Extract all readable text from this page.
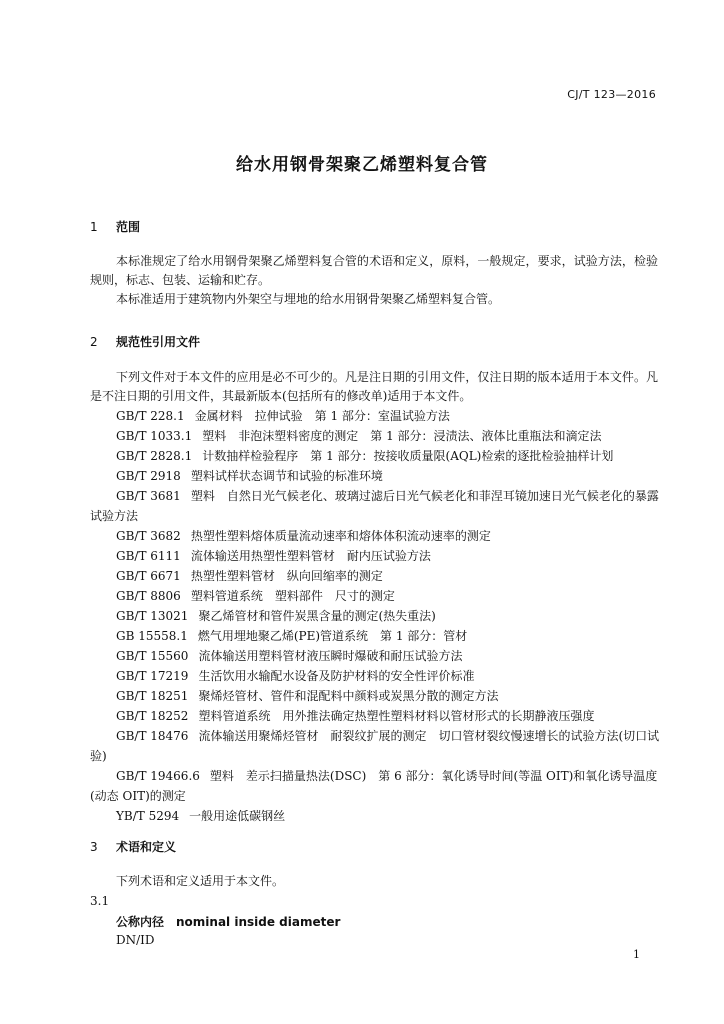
CJ/T 123—2016
给水用钢骨架聚乙烯塑料复合管
1 范围
本标准规定了给水用钢骨架聚乙烯塑料复合管的术语和定义，原料，一般规定，要求，试验方法，检验规则，标志、包装、运输和贮存。
本标准适用于建筑物内外架空与埋地的给水用钢骨架聚乙烯塑料复合管。
2 规范性引用文件
下列文件对于本文件的应用是必不可少的。凡是注日期的引用文件，仅注日期的版本适用于本文件。凡是不注日期的引用文件，其最新版本(包括所有的修改单)适用于本文件。
GB/T 228.1 金属材料　拉伸试验　第 1 部分：室温试验方法
GB/T 1033.1 塑料　非泡沫塑料密度的测定　第 1 部分：浸渍法、液体比重瓶法和滴定法
GB/T 2828.1 计数抽样检验程序　第 1 部分：按接收质量限(AQL)检索的逐批检验抽样计划
GB/T 2918 塑料试样状态调节和试验的标准环境
GB/T 3681 塑料　自然日光气候老化、玻璃过滤后日光气候老化和菲涅耳镜加速日光气候老化的暴露试验方法
GB/T 3682 热塑性塑料熔体质量流动速率和熔体体积流动速率的测定
GB/T 6111 流体输送用热塑性塑料管材　耐内压试验方法
GB/T 6671 热塑性塑料管材　纵向回缩率的测定
GB/T 8806 塑料管道系统　塑料部件　尺寸的测定
GB/T 13021 聚乙烯管材和管件炭黑含量的测定(热失重法)
GB 15558.1 燃气用埋地聚乙烯(PE)管道系统　第 1 部分：管材
GB/T 15560 流体输送用塑料管材液压瞬时爆破和耐压试验方法
GB/T 17219 生活饮用水输配水设备及防护材料的安全性评价标准
GB/T 18251 聚烯烃管材、管件和混配料中颜料或炭黑分散的测定方法
GB/T 18252 塑料管道系统　用外推法确定热塑性塑料材料以管材形式的长期静液压强度
GB/T 18476 流体输送用聚烯烃管材　耐裂纹扩展的测定　切口管材裂纹慢速增长的试验方法(切口试验)
GB/T 19466.6 塑料　差示扫描量热法(DSC)　第 6 部分：氧化诱导时间(等温 OIT)和氧化诱导温度(动态 OIT)的测定
YB/T 5294 一般用途低碳钢丝
3 术语和定义
下列术语和定义适用于本文件。
3.1
公称内径 nominal inside diameter
DN/ID
1
